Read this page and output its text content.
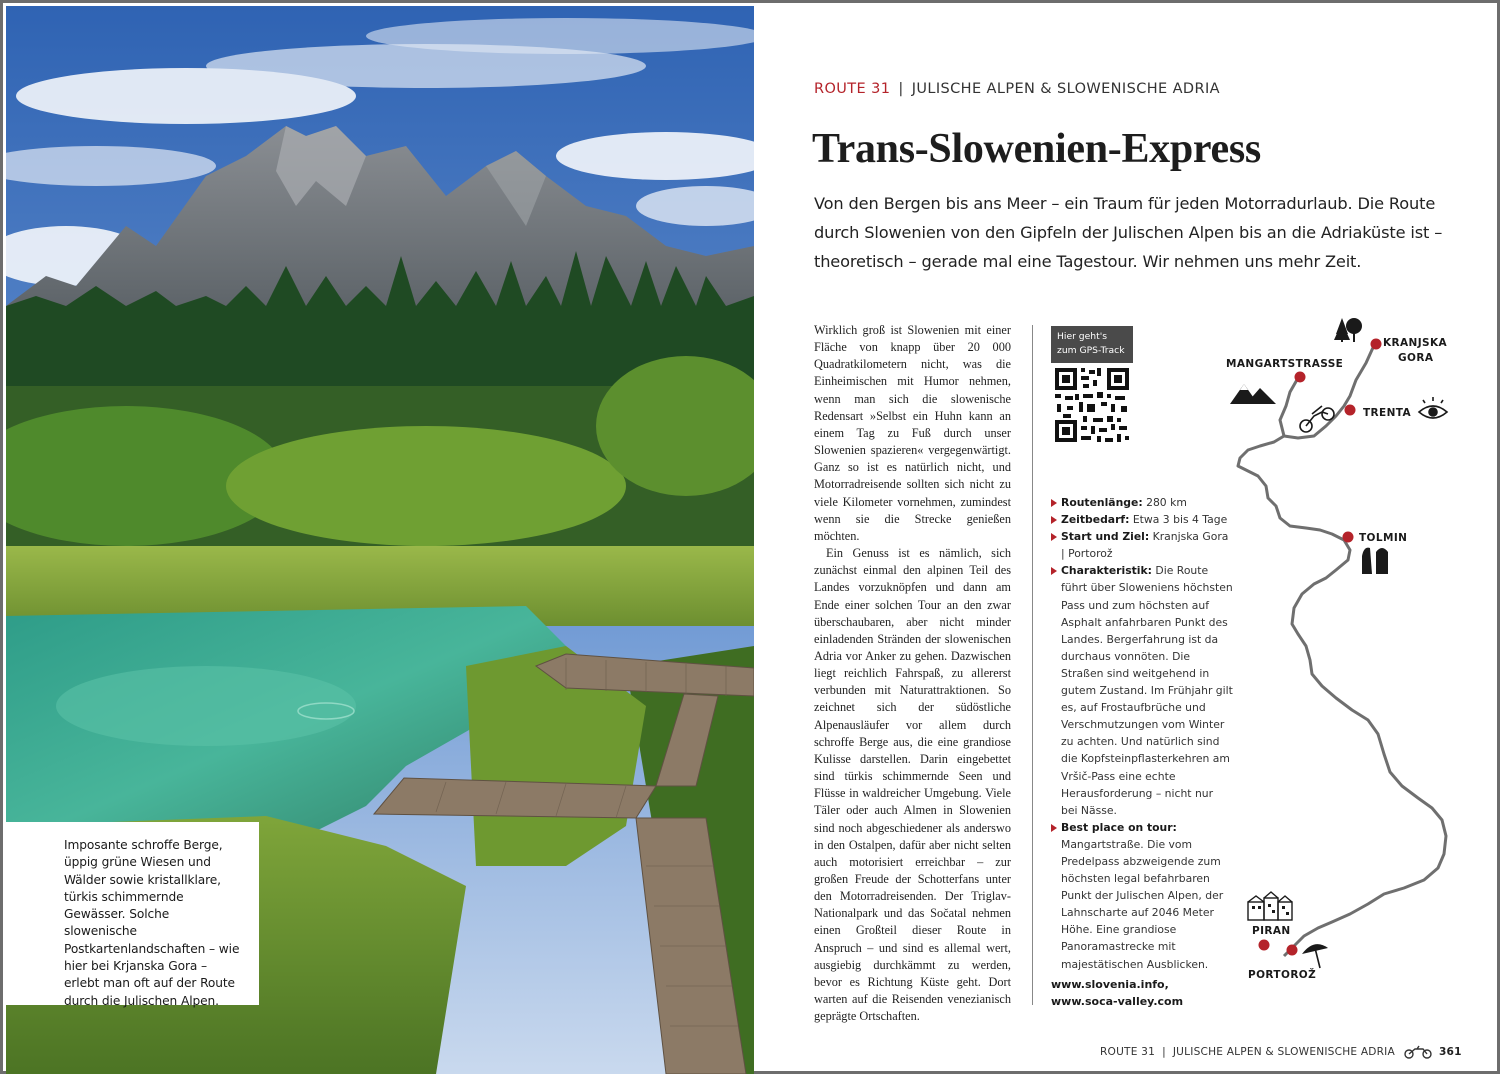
Imposante schroffe Berge, üppig grüne Wiesen und Wälder sowie kristallklare, türkis schimmernde Gewässer. Solche slowenische Postkartenlandschaften – wie hier bei Krjanska Gora – erlebt man oft auf der Route durch die Julischen Alpen.

ROUTE 31 | JULISCHE ALPEN & SLOWENISCHE ADRIA
Trans-Slowenien-Express

Von den Bergen bis ans Meer – ein Traum für jeden Motorradurlaub. Die Route durch Slowenien von den Gipfeln der Julischen Alpen bis an die Adriaküste ist – theoretisch – gerade mal eine Tagestour. Wir nehmen uns mehr Zeit.

Wirklich groß ist Slowenien mit einer Fläche von knapp über 20 000 Quadratkilometern nicht, was die Einheimischen mit Humor nehmen, wenn man sich die slowenische Redensart »Selbst ein Huhn kann an einem Tag zu Fuß durch unser Slowenien spazieren« vergegenwärtigt. Ganz so ist es natürlich nicht, und Motorradreisende sollten sich nicht zu viele Kilometer vornehmen, zumindest wenn sie die Strecke genießen möchten.

Ein Genuss ist es nämlich, sich zunächst einmal den alpinen Teil des Landes vorzuknöpfen und dann am Ende einer solchen Tour an den zwar überschaubaren, aber nicht minder einladenden Stränden der slowenischen Adria vor Anker zu gehen. Dazwischen liegt reichlich Fahrspaß, zu allererst verbunden mit Naturattraktionen. So zeichnet sich der südöstliche Alpenausläufer vor allem durch schroffe Berge aus, die eine grandiose Kulisse darstellen. Darin eingebettet sind türkis schimmernde Seen und Flüsse in waldreicher Umgebung. Viele Täler oder auch Almen in Slowenien sind noch abgeschiedener als anderswo in den Ostalpen, dafür aber nicht selten auch motorisiert erreichbar – zur großen Freude der Schotterfans unter den Motorradreisenden. Der Triglav-Nationalpark und das Sočatal nehmen einen Großteil dieser Route in Anspruch – und sind es allemal wert, ausgiebig durchkämmt zu werden, bevor es Richtung Küste geht. Dort warten auf die Reisenden venezianisch geprägte Ortschaften.

Hier geht's
zum GPS-Track
Routenlänge: 280 km
Zeitbedarf: Etwa 3 bis 4 Tage
Start und Ziel: Kranjska Gora | Portorož
Charakteristik: Die Route führt über Sloweniens höchsten Pass und zum höchsten auf Asphalt anfahrbaren Punkt des Landes. Bergerfahrung ist da durchaus vonnöten. Die Straßen sind weitgehend in gutem Zustand. Im Frühjahr gilt es, auf Frostaufbrüche und Verschmutzungen vom Winter zu achten. Und natürlich sind die Kopfsteinpflasterkehren am Vršič-Pass eine echte Herausforderung – nicht nur bei Nässe.
Best place on tour: Mangartstraße. Die vom Predelpass abzweigende zum höchsten legal befahrbaren Punkt der Julischen Alpen, der Lahnscharte auf 2046 Meter Höhe. Eine grandiose Panoramastrecke mit majestätischen Ausblicken.
www.slovenia.info,
www.soca-valley.com
KRANJSKA
GORA
MANGARTSTRASSE
TRENTA
TOLMIN
PIRAN
PORTOROŽ
ROUTE 31 | JULISCHE ALPEN & SLOWENISCHE ADRIA	361
